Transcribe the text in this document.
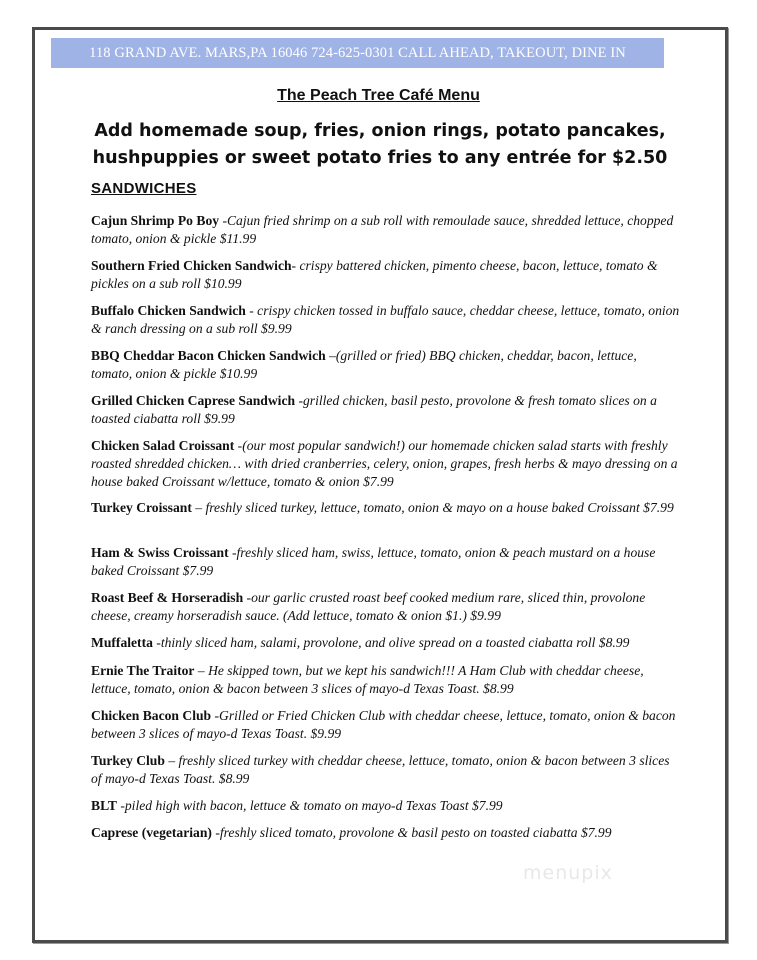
118 GRAND AVE. MARS,PA 16046 724-625-0301 CALL AHEAD, TAKEOUT, DINE IN
The Peach Tree Café Menu
Add homemade soup, fries, onion rings, potato pancakes,
hushpuppies or sweet potato fries to any entrée for $2.50
SANDWICHES
Cajun Shrimp Po Boy -Cajun fried shrimp on a sub roll with remoulade sauce, shredded lettuce, chopped tomato, onion & pickle $11.99
Southern Fried Chicken Sandwich- crispy battered chicken, pimento cheese, bacon, lettuce, tomato & pickles on a sub roll $10.99
Buffalo Chicken Sandwich - crispy chicken tossed in buffalo sauce, cheddar cheese, lettuce, tomato, onion & ranch dressing on a sub roll $9.99
BBQ Cheddar Bacon Chicken Sandwich –(grilled or fried) BBQ chicken, cheddar, bacon, lettuce, tomato, onion & pickle $10.99
Grilled Chicken Caprese Sandwich -grilled chicken, basil pesto, provolone & fresh tomato slices on a toasted ciabatta roll $9.99
Chicken Salad Croissant -(our most popular sandwich!) our homemade chicken salad starts with freshly roasted shredded chicken… with dried cranberries, celery, onion, grapes, fresh herbs & mayo dressing on a house baked Croissant w/lettuce, tomato & onion $7.99
Turkey Croissant – freshly sliced turkey, lettuce, tomato, onion & mayo on a house baked Croissant $7.99
Ham & Swiss Croissant -freshly sliced ham, swiss, lettuce, tomato, onion & peach mustard on a house baked Croissant $7.99
Roast Beef & Horseradish -our garlic crusted roast beef cooked medium rare, sliced thin, provolone cheese, creamy horseradish sauce. (Add lettuce, tomato & onion $1.) $9.99
Muffaletta -thinly sliced ham, salami, provolone, and olive spread on a toasted ciabatta roll $8.99
Ernie The Traitor – He skipped town, but we kept his sandwich!!! A Ham Club with cheddar cheese, lettuce, tomato, onion & bacon between 3 slices of mayo-d Texas Toast. $8.99
Chicken Bacon Club -Grilled or Fried Chicken Club with cheddar cheese, lettuce, tomato, onion & bacon between 3 slices of mayo-d Texas Toast. $9.99
Turkey Club – freshly sliced turkey with cheddar cheese, lettuce, tomato, onion & bacon between 3 slices of mayo-d Texas Toast. $8.99
BLT -piled high with bacon, lettuce & tomato on mayo-d Texas Toast $7.99
Caprese (vegetarian) -freshly sliced tomato, provolone & basil pesto on toasted ciabatta $7.99
menupix
